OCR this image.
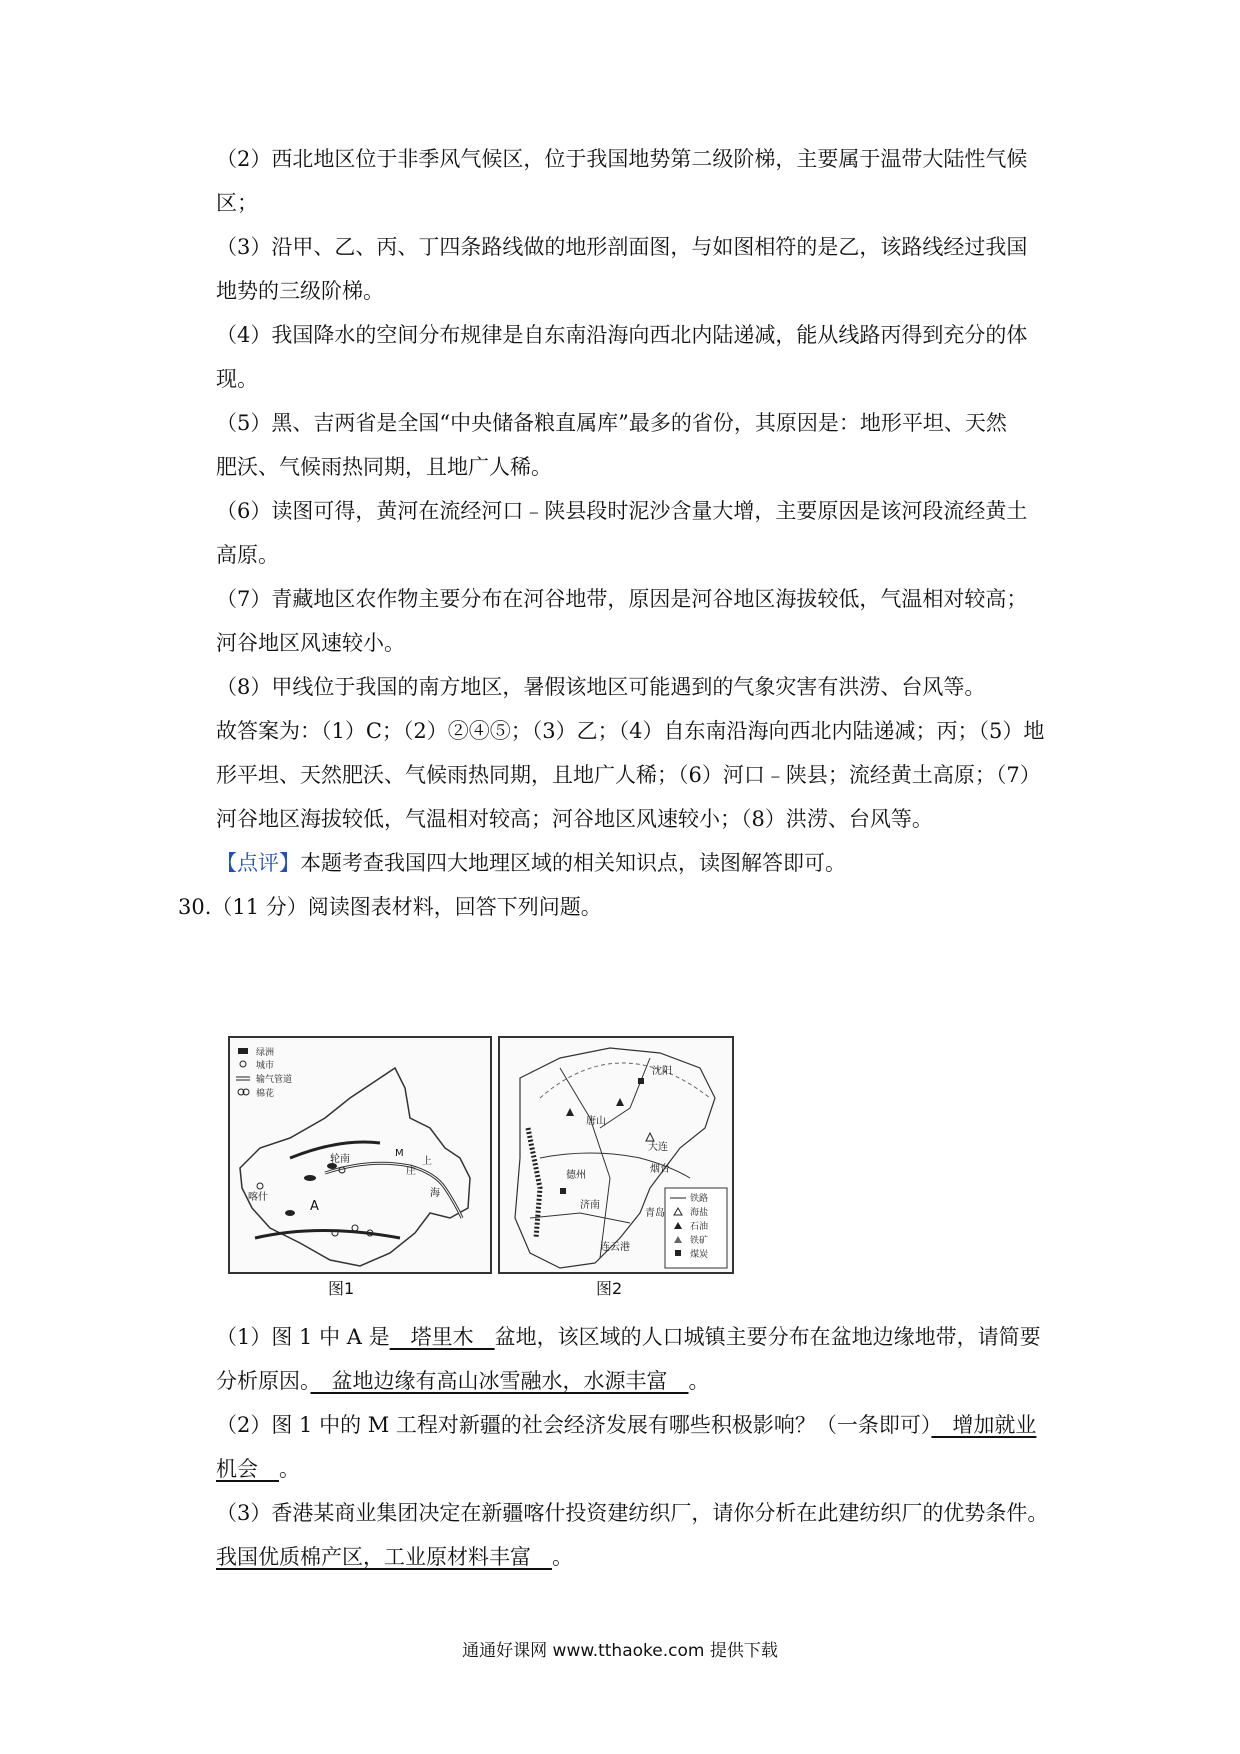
（2）西北地区位于非季风气候区，位于我国地势第二级阶梯，主要属于温带大陆性气候
区；
（3）沿甲、乙、丙、丁四条路线做的地形剖面图，与如图相符的是乙，该路线经过我国
地势的三级阶梯。
（4）我国降水的空间分布规律是自东南沿海向西北内陆递减，能从线路丙得到充分的体
现。
（5）黑、吉两省是全国“中央储备粮直属库”最多的省份，其原因是：地形平坦、天然
肥沃、气候雨热同期，且地广人稀。
（6）读图可得，黄河在流经河口﹣陕县段时泥沙含量大增，主要原因是该河段流经黄土
高原。
（7）青藏地区农作物主要分布在河谷地带，原因是河谷地区海拔较低，气温相对较高；
河谷地区风速较小。
（8）甲线位于我国的南方地区，暑假该地区可能遇到的气象灾害有洪涝、台风等。
故答案为：（1）C；（2）②④⑤；（3）乙；（4）自东南沿海向西北内陆递减；丙；（5）地
形平坦、天然肥沃、气候雨热同期，且地广人稀；（6）河口﹣陕县；流经黄土高原；（7）
河谷地区海拔较低，气温相对较高；河谷地区风速较小；（8）洪涝、台风等。
【点评】本题考查我国四大地理区域的相关知识点，读图解答即可。
30.（11 分）阅读图表材料，回答下列问题。
绿洲
城市
输气管道
棉花
A
M
喀什
轮南
庄
上
海	铁路
海盐
石油
铁矿
煤炭
沈阳
大连
烟台
青岛
济南
连云港
唐山
德州
图1	图2
（1）图 1 中 A 是　塔里木　盆地，该区域的人口城镇主要分布在盆地边缘地带，请简要
分析原因。　盆地边缘有高山冰雪融水，水源丰富　。
（2）图 1 中的 M 工程对新疆的社会经济发展有哪些积极影响？（一条即可）　增加就业
机会　。
（3）香港某商业集团决定在新疆喀什投资建纺织厂，请你分析在此建纺织厂的优势条件。
我国优质棉产区，工业原材料丰富　。
通通好课网 www.tthaoke.com 提供下载
